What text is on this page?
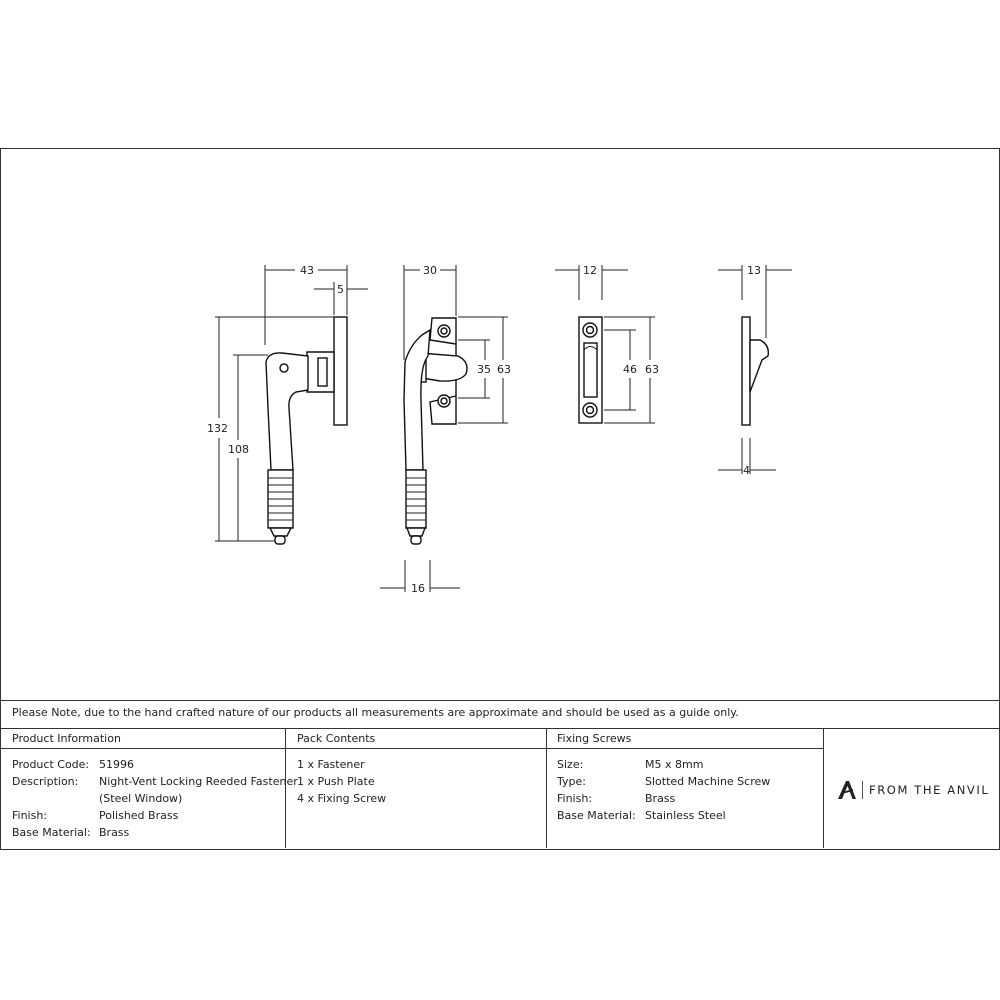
43
5
132
108
30
35 63
16
12
46 63
13
4
Please Note, due to the hand crafted nature of our products all measurements are approximate and should be used as a guide only.
Product Information
Product Code: 51996
Description: Night-Vent Locking Reeded Fastener
(Steel Window)
Finish:	Polished Brass
Base Material: Brass
Pack Contents
1 x Fastener
1 x Push Plate
4 x Fixing Screw
Fixing Screws
Size:	M5 x 8mm
Type:	Slotted Machine Screw
Finish:	Brass
Base Material: Stainless Steel
FROM THE ANVIL
